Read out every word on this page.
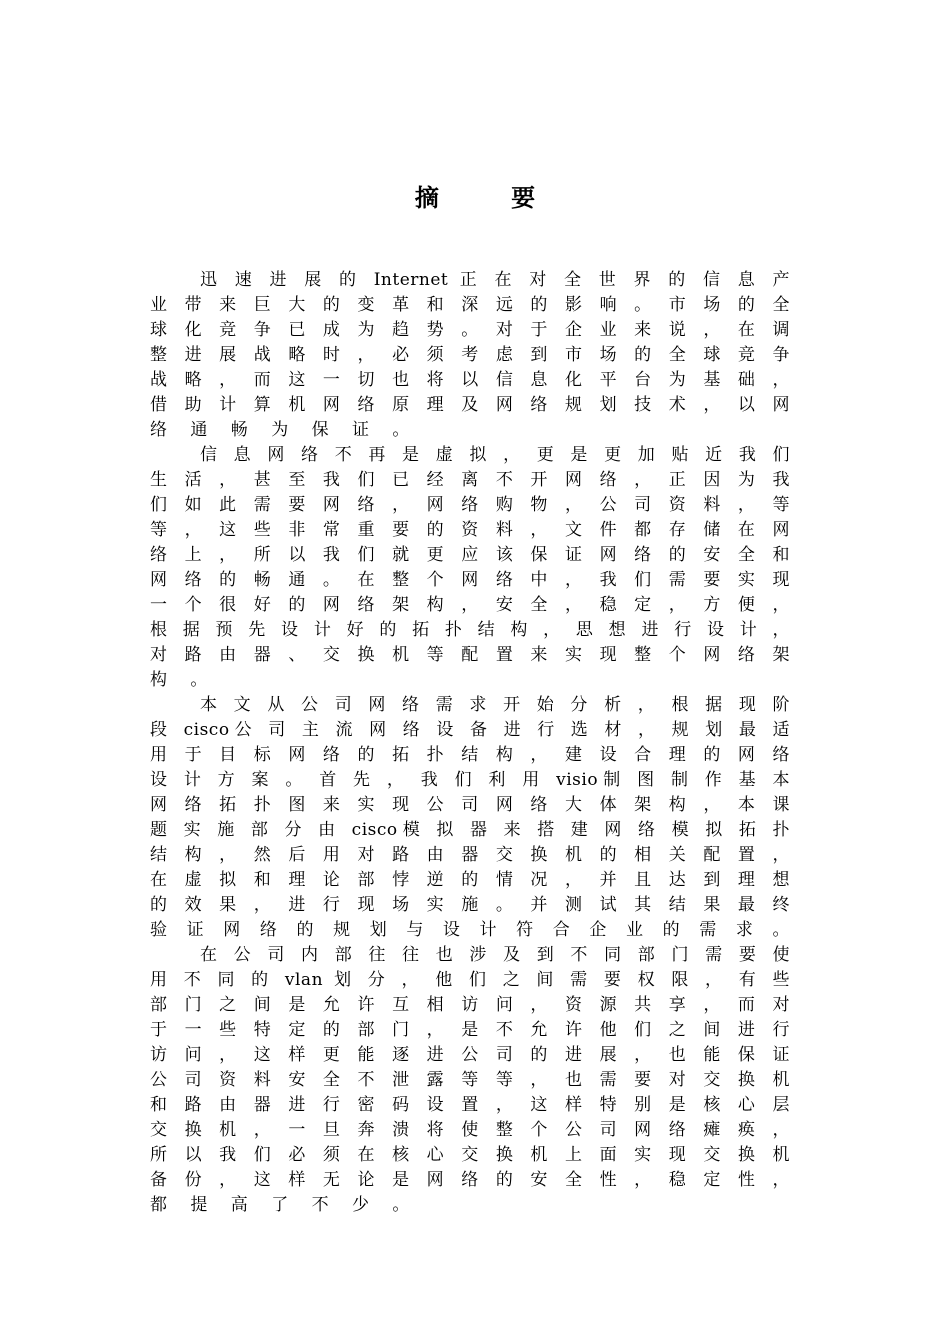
摘 要
迅 速 进 展 的 Internet 正 在 对 全 世 界 的 信 息 产
业 带 来 巨 大 的 变 革 和 深 远 的 影 响 。 市 场 的 全
球 化 竞 争 已 成 为 趋 势 。 对 于 企 业 来 说 ， 在 调
整 进 展 战 略 时 ， 必 须 考 虑 到 市 场 的 全 球 竞 争
战 略 ， 而 这 一 切 也 将 以 信 息 化 平 台 为 基 础 ，
借 助 计 算 机 网 络 原 理 及 网 络 规 划 技 术 ， 以 网
络 通 畅 为 保 证 。
信 息 网 络 不 再 是 虚 拟 ， 更 是 更 加 贴 近 我 们
生 活 ， 甚 至 我 们 已 经 离 不 开 网 络 ， 正 因 为 我
们 如 此 需 要 网 络 ， 网 络 购 物 ， 公 司 资 料 ， 等
等 ， 这 些 非 常 重 要 的 资 料 ， 文 件 都 存 储 在 网
络 上 ， 所 以 我 们 就 更 应 该 保 证 网 络 的 安 全 和
网 络 的 畅 通 。 在 整 个 网 络 中 ， 我 们 需 要 实 现
一 个 很 好 的 网 络 架 构 ， 安 全 ， 稳 定 ， 方 便 ，
根 据 预 先 设 计 好 的 拓 扑 结 构 ， 思 想 进 行 设 计 ，
对 路 由 器 、 交 换 机 等 配 置 来 实 现 整 个 网 络 架
构 。
本 文 从 公 司 网 络 需 求 开 始 分 析 ， 根 据 现 阶
段 cisco公 司 主 流 网 络 设 备 进 行 选 材 ， 规 划 最 适
用 于 目 标 网 络 的 拓 扑 结 构 ， 建 设 合 理 的 网 络
设 计 方 案 。 首 先 ， 我 们 利 用 visio制 图 制 作 基 本
网 络 拓 扑 图 来 实 现 公 司 网 络 大 体 架 构 ， 本 课
题 实 施 部 分 由 cisco模 拟 器 来 搭 建 网 络 模 拟 拓 扑
结 构 ， 然 后 用 对 路 由 器 交 换 机 的 相 关 配 置 ，
在 虚 拟 和 理 论 部 悖 逆 的 情 况 ， 并 且 达 到 理 想
的 效 果 ， 进 行 现 场 实 施 。 并 测 试 其 结 果 最 终
验 证 网 络 的 规 划 与 设 计 符 合 企 业 的 需 求 。
在 公 司 内 部 往 往 也 涉 及 到 不 同 部 门 需 要 使
用 不 同 的 vlan 划 分 ， 他 们 之 间 需 要 权 限 ， 有 些
部 门 之 间 是 允 许 互 相 访 问 ， 资 源 共 享 ， 而 对
于 一 些 特 定 的 部 门 ， 是 不 允 许 他 们 之 间 进 行
访 问 ， 这 样 更 能 逐 进 公 司 的 进 展 ， 也 能 保 证
公 司 资 料 安 全 不 泄 露 等 等 ， 也 需 要 对 交 换 机
和 路 由 器 进 行 密 码 设 置 ， 这 样 特 别 是 核 心 层
交 换 机 ， 一 旦 奔 溃 将 使 整 个 公 司 网 络 瘫 痪 ，
所 以 我 们 必 须 在 核 心 交 换 机 上 面 实 现 交 换 机
备 份 ， 这 样 无 论 是 网 络 的 安 全 性 ， 稳 定 性 ，
都 提 高 了 不 少 。
